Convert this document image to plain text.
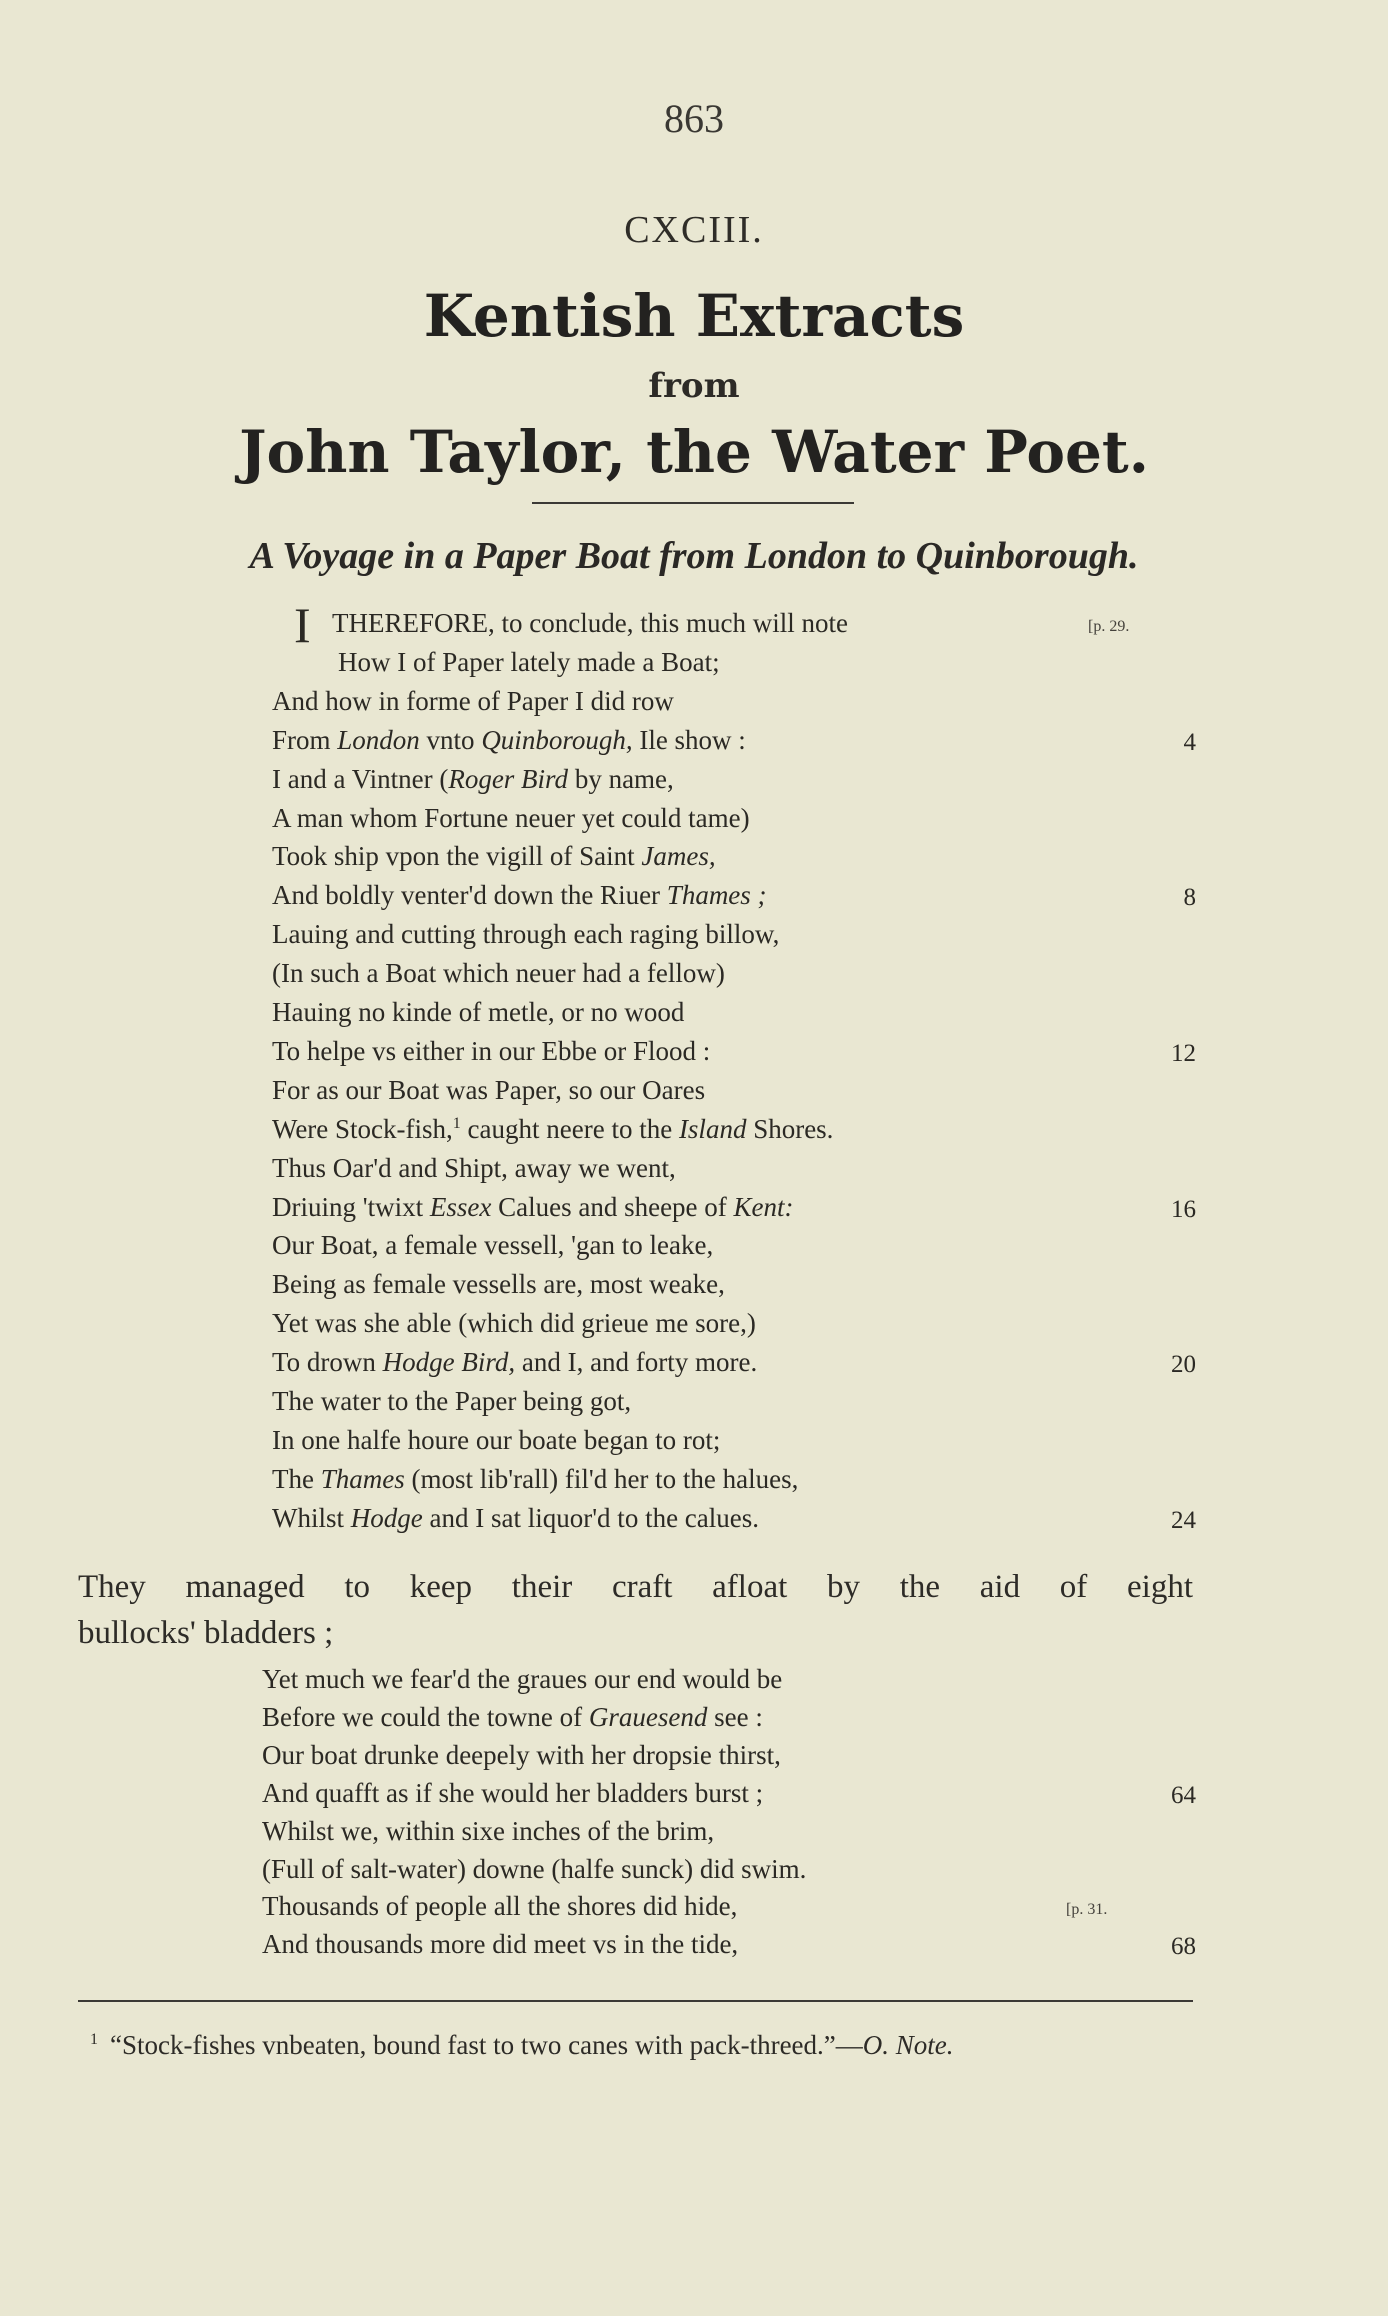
863
CXCIII.
Kentish Extracts
from
John Taylor, the Water Poet.
A Voyage in a Paper Boat from London to Quinborough.
I THEREFORE, to conclude, this much will note	[p. 29.
How I of Paper lately made a Boat;
And how in forme of Paper I did row
From London vnto Quinborough, Ile show :	4
I and a Vintner (Roger Bird by name,
A man whom Fortune neuer yet could tame)
Took ship vpon the vigill of Saint James,
And boldly venter'd down the Riuer Thames ;	8
Lauing and cutting through each raging billow,
(In such a Boat which neuer had a fellow)
Hauing no kinde of metle, or no wood
To helpe vs either in our Ebbe or Flood :	12
For as our Boat was Paper, so our Oares
Were Stock-fish,$^1$ caught neere to the Island Shores.
Thus Oar'd and Shipt, away we went,
Driuing 'twixt Essex Calues and sheepe of Kent:	16
Our Boat, a female vessell, 'gan to leake,
Being as female vessells are, most weake,
Yet was she able (which did grieue me sore,)
To drown Hodge Bird, and I, and forty more.	20
The water to the Paper being got,
In one halfe houre our boate began to rot;
The Thames (most lib'rall) fil'd her to the halues,
Whilst Hodge and I sat liquor'd to the calues.	24
Yet much we fear'd the graues our end would be
Before we could the towne of Grauesend see :
Our boat drunke deepely with her dropsie thirst,
And quafft as if she would her bladders burst ;	64
Whilst we, within sixe inches of the brim,
(Full of salt-water) downe (halfe sunck) did swim.
Thousands of people all the shores did hide,	[p. 31.
And thousands more did meet vs in the tide,	68
They managed to keep their craft afloat by the aid of eight
bullocks' bladders ;
$^1$ “Stock-fishes vnbeaten, bound fast to two canes with pack-threed.”—O. Note.
